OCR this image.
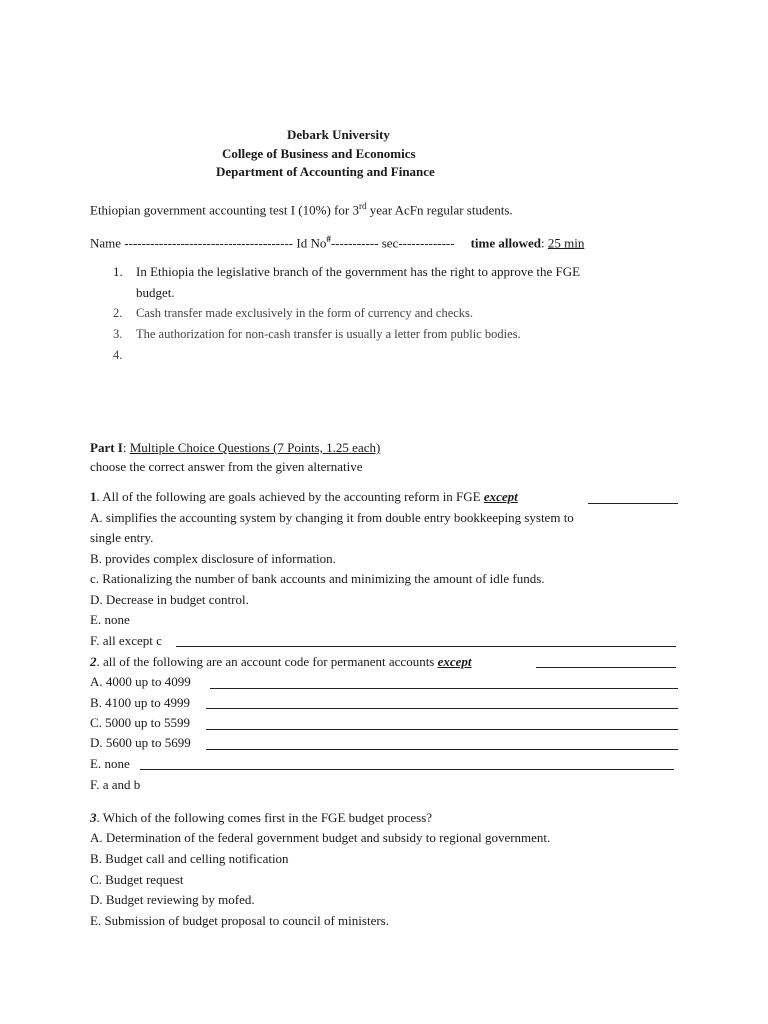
Debark University
College of Business and Economics
Department of Accounting and Finance
Ethiopian government accounting test I (10%) for 3rd year AcFn regular students.
Name --------------------------------------- Id No#----------- sec------------- time allowed: 25 min
1. In Ethiopia the legislative branch of the government has the right to approve the FGE
budget.
2. Cash transfer made exclusively in the form of currency and checks.
3. The authorization for non-cash transfer is usually a letter from public bodies.
4.
Part I: Multiple Choice Questions (7 Points, 1.25 each)
choose the correct answer from the given alternative
1. All of the following are goals achieved by the accounting reform in FGE except
A. simplifies the accounting system by changing it from double entry bookkeeping system to
single entry.
B. provides complex disclosure of information.
c. Rationalizing the number of bank accounts and minimizing the amount of idle funds.
D. Decrease in budget control.
E. none
F. all except c
2. all of the following are an account code for permanent accounts except
A. 4000 up to 4099
B. 4100 up to 4999
C. 5000 up to 5599
D. 5600 up to 5699
E. none
F. a and b
3. Which of the following comes first in the FGE budget process?
A. Determination of the federal government budget and subsidy to regional government.
B. Budget call and celling notification
C. Budget request
D. Budget reviewing by mofed.
E. Submission of budget proposal to council of ministers.
